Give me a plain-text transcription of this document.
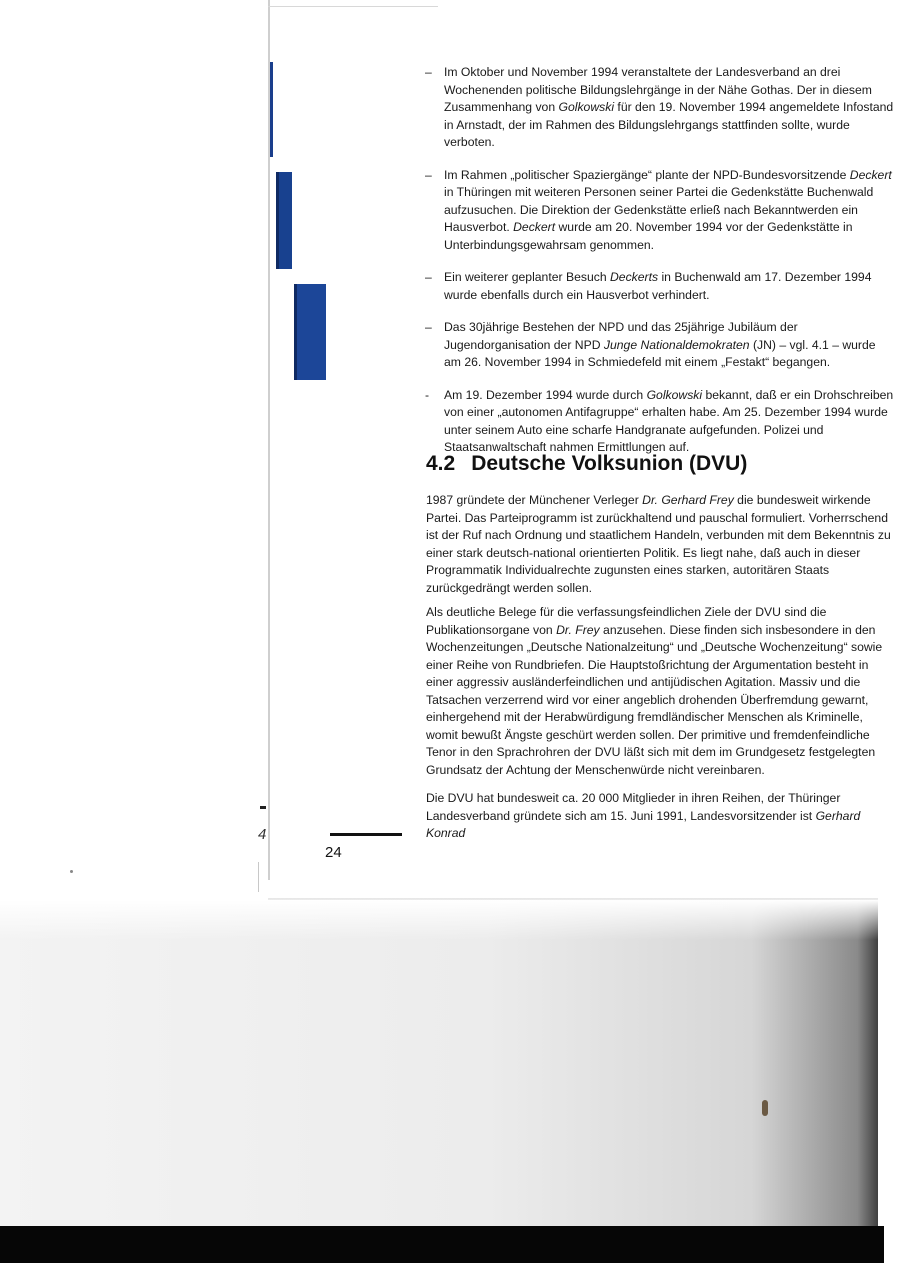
4
– Im Oktober und November 1994 veranstaltete der Landesverband an drei Wochenenden politische Bildungslehrgänge in der Nähe Gothas. Der in diesem Zusammenhang von Golkowski für den 19. November 1994 angemeldete Infostand in Arnstadt, der im Rahmen des Bildungslehrgangs stattfinden sollte, wurde verboten.
– Im Rahmen „politischer Spaziergänge“ plante der NPD-Bundesvorsitzende Deckert in Thüringen mit weiteren Personen seiner Partei die Gedenkstätte Buchenwald aufzusuchen. Die Direktion der Gedenkstätte erließ nach Bekanntwerden ein Hausverbot. Deckert wurde am 20. November 1994 vor der Gedenkstätte in Unterbindungsgewahrsam genommen.
– Ein weiterer geplanter Besuch Deckerts in Buchenwald am 17. Dezember 1994 wurde ebenfalls durch ein Hausverbot verhindert.
– Das 30jährige Bestehen der NPD und das 25jährige Jubiläum der Jugendorganisation der NPD Junge Nationaldemokraten (JN) – vgl. 4.1 – wurde am 26. November 1994 in Schmiedefeld mit einem „Festakt“ begangen.
- Am 19. Dezember 1994 wurde durch Golkowski bekannt, daß er ein Drohschreiben von einer „autonomen Antifagruppe“ erhalten habe. Am 25. Dezember 1994 wurde unter seinem Auto eine scharfe Handgranate aufgefunden. Polizei und Staatsanwaltschaft nahmen Ermittlungen auf.
4.2 Deutsche Volksunion (DVU)

1987 gründete der Münchener Verleger Dr. Gerhard Frey die bundesweit wirkende Partei. Das Parteiprogramm ist zurückhaltend und pauschal formuliert. Vorherrschend ist der Ruf nach Ordnung und staatlichem Handeln, verbunden mit dem Bekenntnis zu einer stark deutsch-national orientierten Politik. Es liegt nahe, daß auch in dieser Programmatik Individualrechte zugunsten eines starken, autoritären Staats zurückgedrängt werden sollen.

Als deutliche Belege für die verfassungsfeindlichen Ziele der DVU sind die Publikationsorgane von Dr. Frey anzusehen. Diese finden sich insbesondere in den Wochenzeitungen „Deutsche Nationalzeitung“ und „Deutsche Wochenzeitung“ sowie einer Reihe von Rundbriefen. Die Hauptstoßrichtung der Argumentation besteht in einer aggressiv ausländerfeindlichen und antijüdischen Agitation. Massiv und die Tatsachen verzerrend wird vor einer angeblich drohenden Überfremdung gewarnt, einhergehend mit der Herabwürdigung fremdländischer Menschen als Kriminelle, womit bewußt Ängste geschürt werden sollen. Der primitive und fremdenfeindliche Tenor in den Sprachrohren der DVU läßt sich mit dem im Grundgesetz festgelegten Grundsatz der Achtung der Menschenwürde nicht vereinbaren.

Die DVU hat bundesweit ca. 20 000 Mitglieder in ihren Reihen, der Thüringer Landesverband gründete sich am 15. Juni 1991, Landesvorsitzender ist Gerhard Konrad

24
